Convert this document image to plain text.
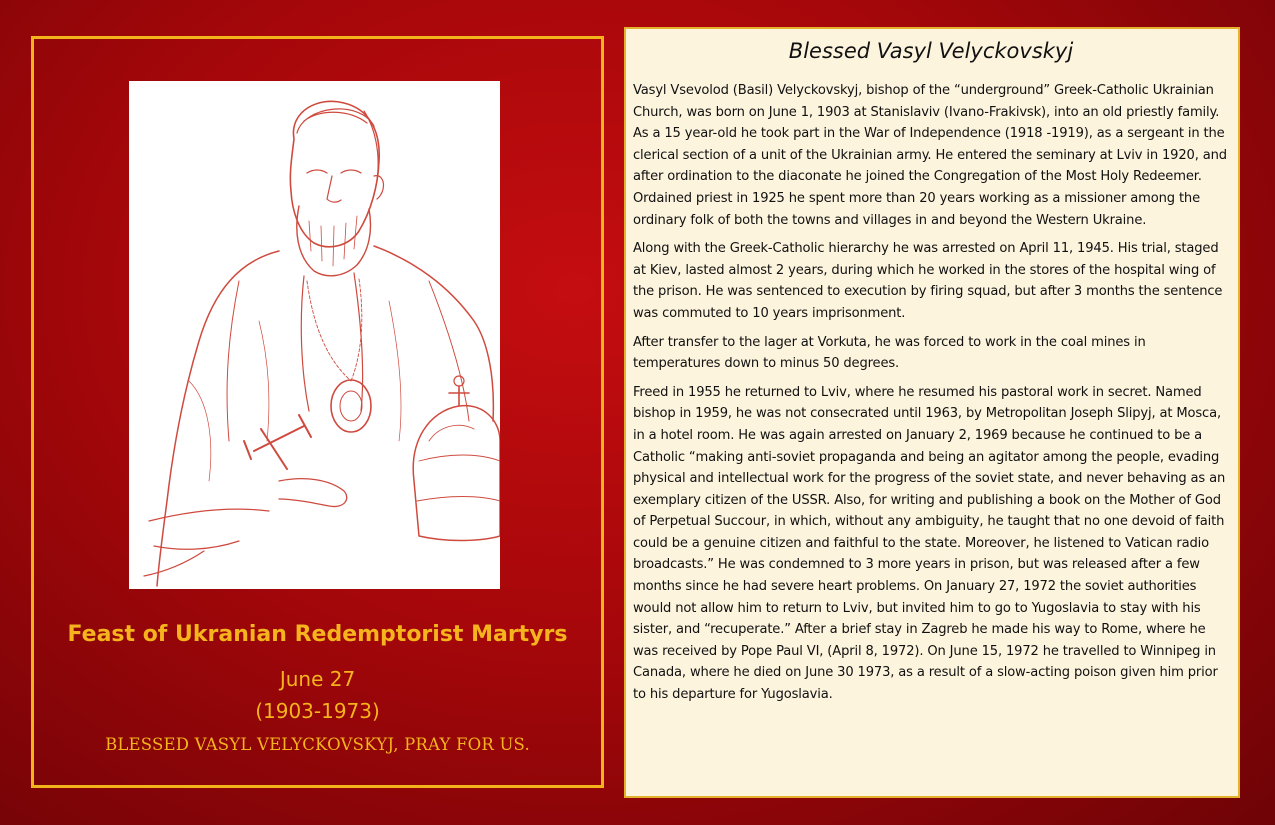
Feast of Ukranian Redemptorist Martyrs
June 27
(1903-1973)
BLESSED VASYL VELYCKOVSKYJ, PRAY FOR US.
Blessed Vasyl Velyckovskyj

Vasyl Vsevolod (Basil) Velyckovskyj, bishop of the “underground” Greek-Catholic Ukrainian Church, was born on June 1, 1903 at Stanislaviv (Ivano-Frakivsk), into an old priestly family. As a 15 year-old he took part in the War of Independence (1918 -1919), as a sergeant in the clerical section of a unit of the Ukrainian army. He entered the seminary at Lviv in 1920, and after ordination to the diaconate he joined the Congregation of the Most Holy Redeemer. Ordained priest in 1925 he spent more than 20 years working as a missioner among the ordinary folk of both the towns and villages in and beyond the Western Ukraine.

Along with the Greek-Catholic hierarchy he was arrested on April 11, 1945. His trial, staged at Kiev, lasted almost 2 years, during which he worked in the stores of the hospital wing of the prison. He was sentenced to execution by firing squad, but after 3 months the sentence was commuted to 10 years imprisonment.

After transfer to the lager at Vorkuta, he was forced to work in the coal mines in temperatures down to minus 50 degrees.

Freed in 1955 he returned to Lviv, where he resumed his pastoral work in secret. Named bishop in 1959, he was not consecrated until 1963, by Metropolitan Joseph Slipyj, at Mosca, in a hotel room. He was again arrested on January 2, 1969 because he continued to be a Catholic “making anti-soviet propaganda and being an agitator among the people, evading physical and intellectual work for the progress of the soviet state, and never behaving as an exemplary citizen of the USSR. Also, for writing and publishing a book on the Mother of God of Perpetual Succour, in which, without any ambiguity, he taught that no one devoid of faith could be a genuine citizen and faithful to the state. Moreover, he listened to Vatican radio broadcasts.” He was condemned to 3 more years in prison, but was released after a few months since he had severe heart problems. On January 27, 1972 the soviet authorities would not allow him to return to Lviv, but invited him to go to Yugoslavia to stay with his sister, and “recuperate.” After a brief stay in Zagreb he made his way to Rome, where he was received by Pope Paul VI, (April 8, 1972). On June 15, 1972 he travelled to Winnipeg in Canada, where he died on June 30 1973, as a result of a slow-acting poison given him prior to his departure for Yugoslavia.
